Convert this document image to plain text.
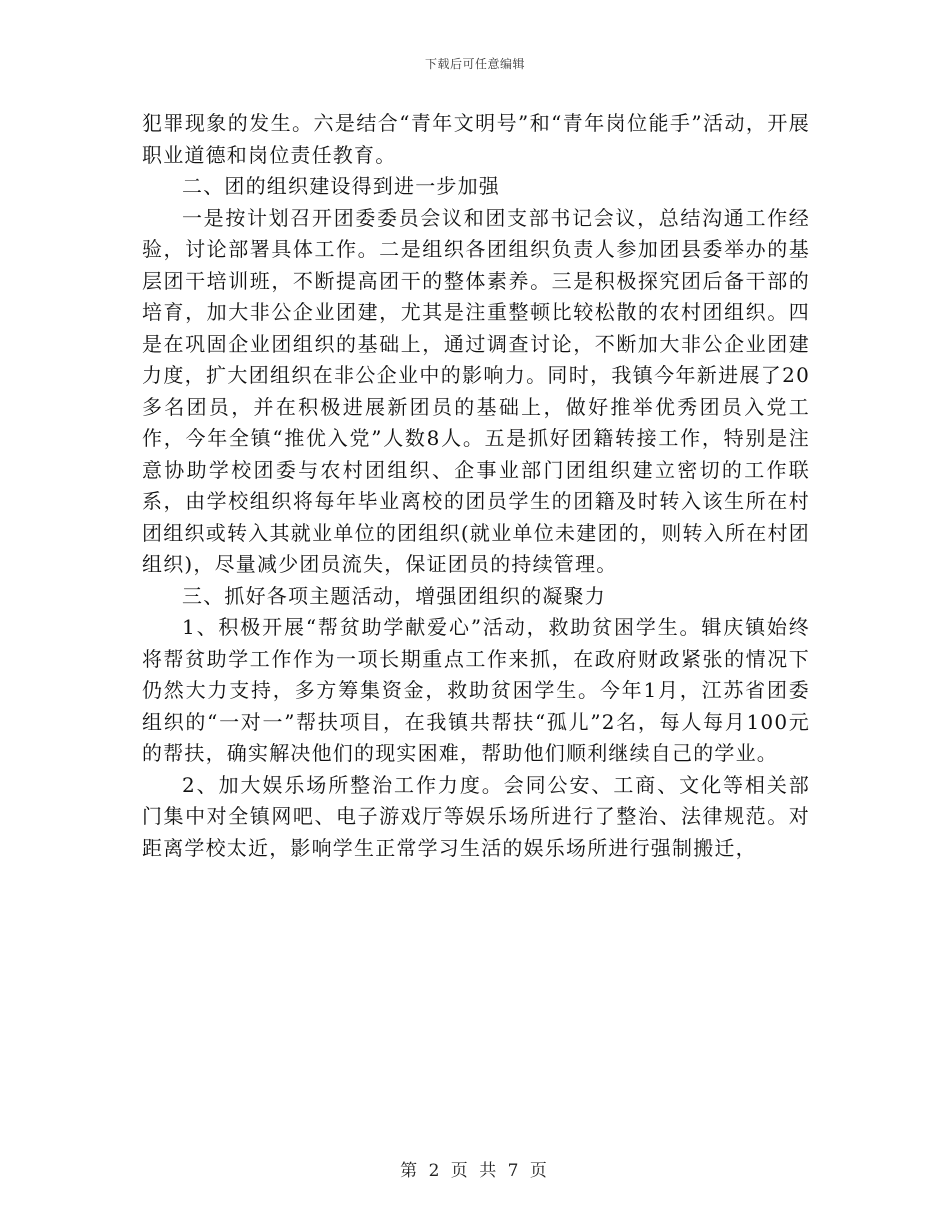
下载后可任意编辑

犯罪现象的发生。六是结合“青年文明号”和“青年岗位能手”活动，开展职业道德和岗位责任教育。

二、团的组织建设得到进一步加强

一是按计划召开团委委员会议和团支部书记会议，总结沟通工作经验，讨论部署具体工作。二是组织各团组织负责人参加团县委举办的基层团干培训班，不断提高团干的整体素养。三是积极探究团后备干部的培育，加大非公企业团建，尤其是注重整顿比较松散的农村团组织。四是在巩固企业团组织的基础上，通过调查讨论，不断加大非公企业团建力度，扩大团组织在非公企业中的影响力。同时，我镇今年新进展了20多名团员，并在积极进展新团员的基础上，做好推举优秀团员入党工作，今年全镇“推优入党”人数8人。五是抓好团籍转接工作，特别是注意协助学校团委与农村团组织、企事业部门团组织建立密切的工作联系，由学校组织将每年毕业离校的团员学生的团籍及时转入该生所在村团组织或转入其就业单位的团组织(就业单位未建团的，则转入所在村团组织)，尽量减少团员流失，保证团员的持续管理。

三、抓好各项主题活动，增强团组织的凝聚力

1、积极开展“帮贫助学献爱心”活动，救助贫困学生。辑庆镇始终将帮贫助学工作作为一项长期重点工作来抓，在政府财政紧张的情况下仍然大力支持，多方筹集资金，救助贫困学生。今年1月，江苏省团委组织的“一对一”帮扶项目，在我镇共帮扶“孤儿”2名，每人每月100元的帮扶，确实解决他们的现实困难，帮助他们顺利继续自己的学业。

2、加大娱乐场所整治工作力度。会同公安、工商、文化等相关部门集中对全镇网吧、电子游戏厅等娱乐场所进行了整治、法律规范。对距离学校太近，影响学生正常学习生活的娱乐场所进行强制搬迁，

第 2 页 共 7 页
